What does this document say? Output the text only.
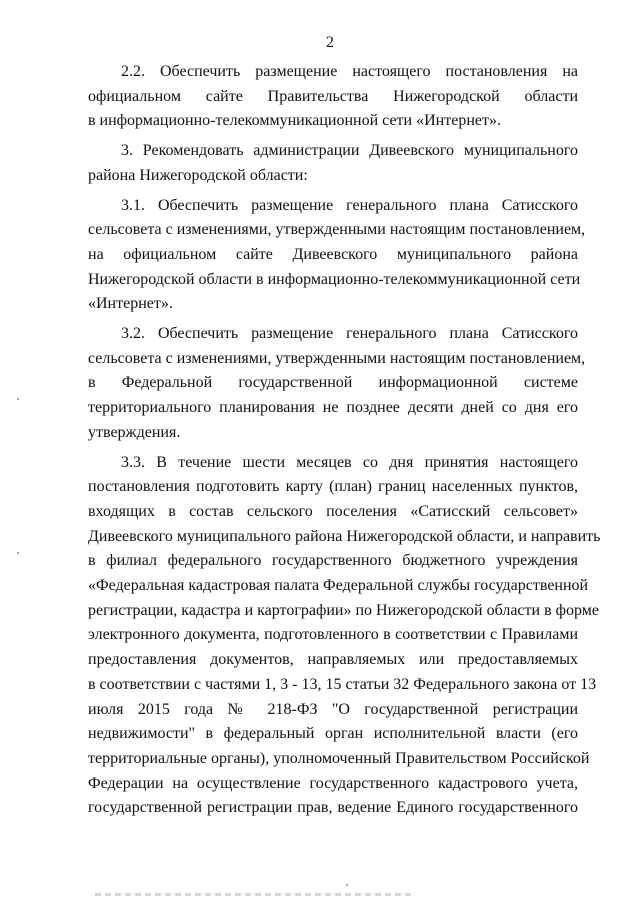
2
2.2. Обеспечить размещение настоящего постановления на
официальном сайте Правительства Нижегородской области
в информационно-телекоммуникационной сети «Интернет».
3. Рекомендовать администрации Дивеевского муниципального
района Нижегородской области:
3.1. Обеспечить размещение генерального плана Сатисского
сельсовета с изменениями, утвержденными настоящим постановлением,
на официальном сайте Дивеевского муниципального района
Нижегородской области в информационно-телекоммуникационной сети
«Интернет».
3.2. Обеспечить размещение генерального плана Сатисского
сельсовета с изменениями, утвержденными настоящим постановлением,
в Федеральной государственной информационной системе
территориального планирования не позднее десяти дней со дня его
утверждения.
3.3. В течение шести месяцев со дня принятия настоящего
постановления подготовить карту (план) границ населенных пунктов,
входящих в состав сельского поселения «Сатисский сельсовет»
Дивеевского муниципального района Нижегородской области, и направить
в филиал федерального государственного бюджетного учреждения
«Федеральная кадастровая палата Федеральной службы государственной
регистрации, кадастра и картографии» по Нижегородской области в форме
электронного документа, подготовленного в соответствии с Правилами
предоставления документов, направляемых или предоставляемых
в соответствии с частями 1, 3 - 13, 15 статьи 32 Федерального закона от 13
июля 2015 года № 218-ФЗ "О государственной регистрации
недвижимости" в федеральный орган исполнительной власти (его
территориальные органы), уполномоченный Правительством Российской
Федерации на осуществление государственного кадастрового учета,
государственной регистрации прав, ведение Единого государственного
